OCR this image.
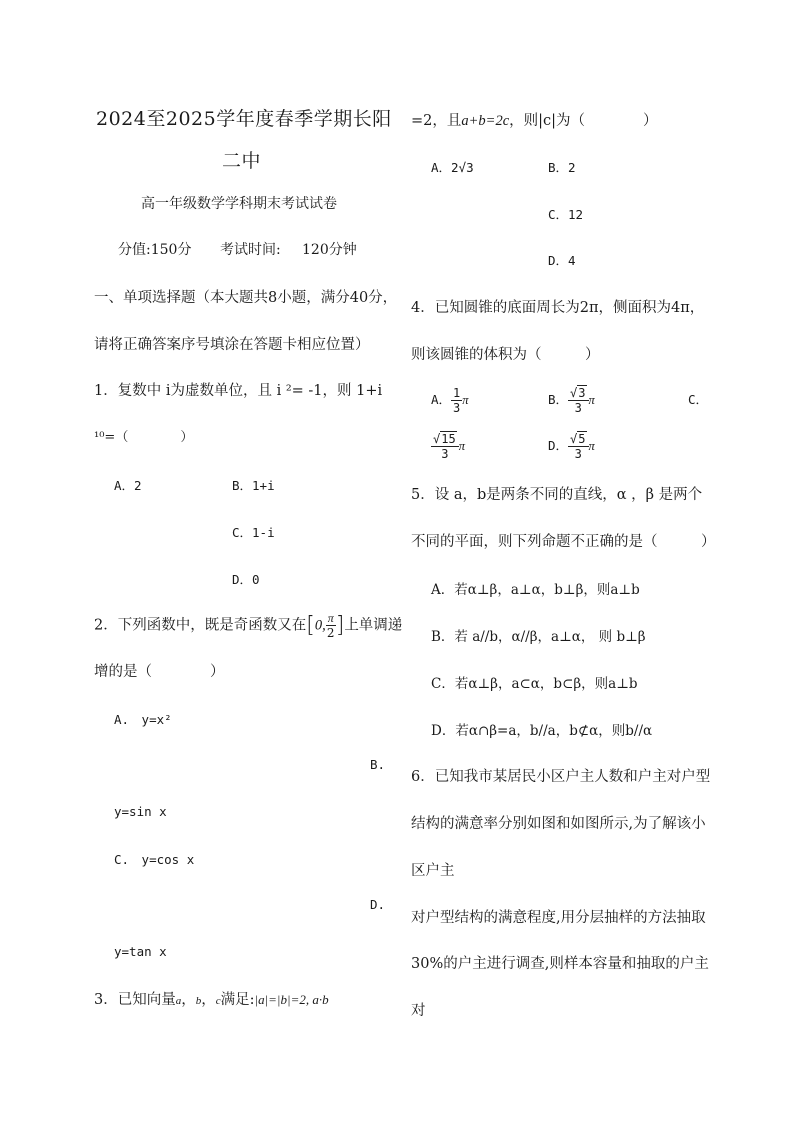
2024至2025学年度春季学期长阳
二中
高一年级数学学科期末考试试卷
分值:150分 考试时间: 120分钟
一、单项选择题（本大题共8小题，满分40分，
请将正确答案序号填涂在答题卡相应位置）
1．复数中 i为虚数单位，且 i ²= -1，则 1+i
¹⁰=（　　　　）
A．2	B．1+i
C．1-i
D．0
2．下列函数中，既是奇函数又在[0, $\frac{\pi}{2}$ ]上单调递
增的是（　　　　）
A.　y=x²
B.
y=sin x
C.　y=cos x
D.
y=tan x
3．已知向量a，b，c满足:|a|=|b|=2, a·b
=2，且a+b=2c，则|c|为（　　　　）
A．2√3	B．2
C．12
D．4
4．已知圆锥的底面周长为2π，侧面积为4π，
则该圆锥的体积为（　　　）
A． $\frac{1}{3}$ π	B． $\frac{√3}{3}$ π	C．
$\frac{√15}{3}$ π	D． $\frac{√5}{3}$ π
5．设 a，b是两条不同的直线，α ，β 是两个
不同的平面，则下列命题不正确的是（　　　）
A．若α⊥β，a⊥α，b⊥β，则a⊥b
B．若 a//b，α//β，a⊥α， 则 b⊥β
C．若α⊥β，a⊂α，b⊂β，则a⊥b
D．若α∩β=a，b//a，b⊄α，则b//α
6．已知我市某居民小区户主人数和户主对户型
结构的满意率分别如图和如图所示,为了解该小
区户主
对户型结构的满意程度,用分层抽样的方法抽取
30%的户主进行调查,则样本容量和抽取的户主
对
